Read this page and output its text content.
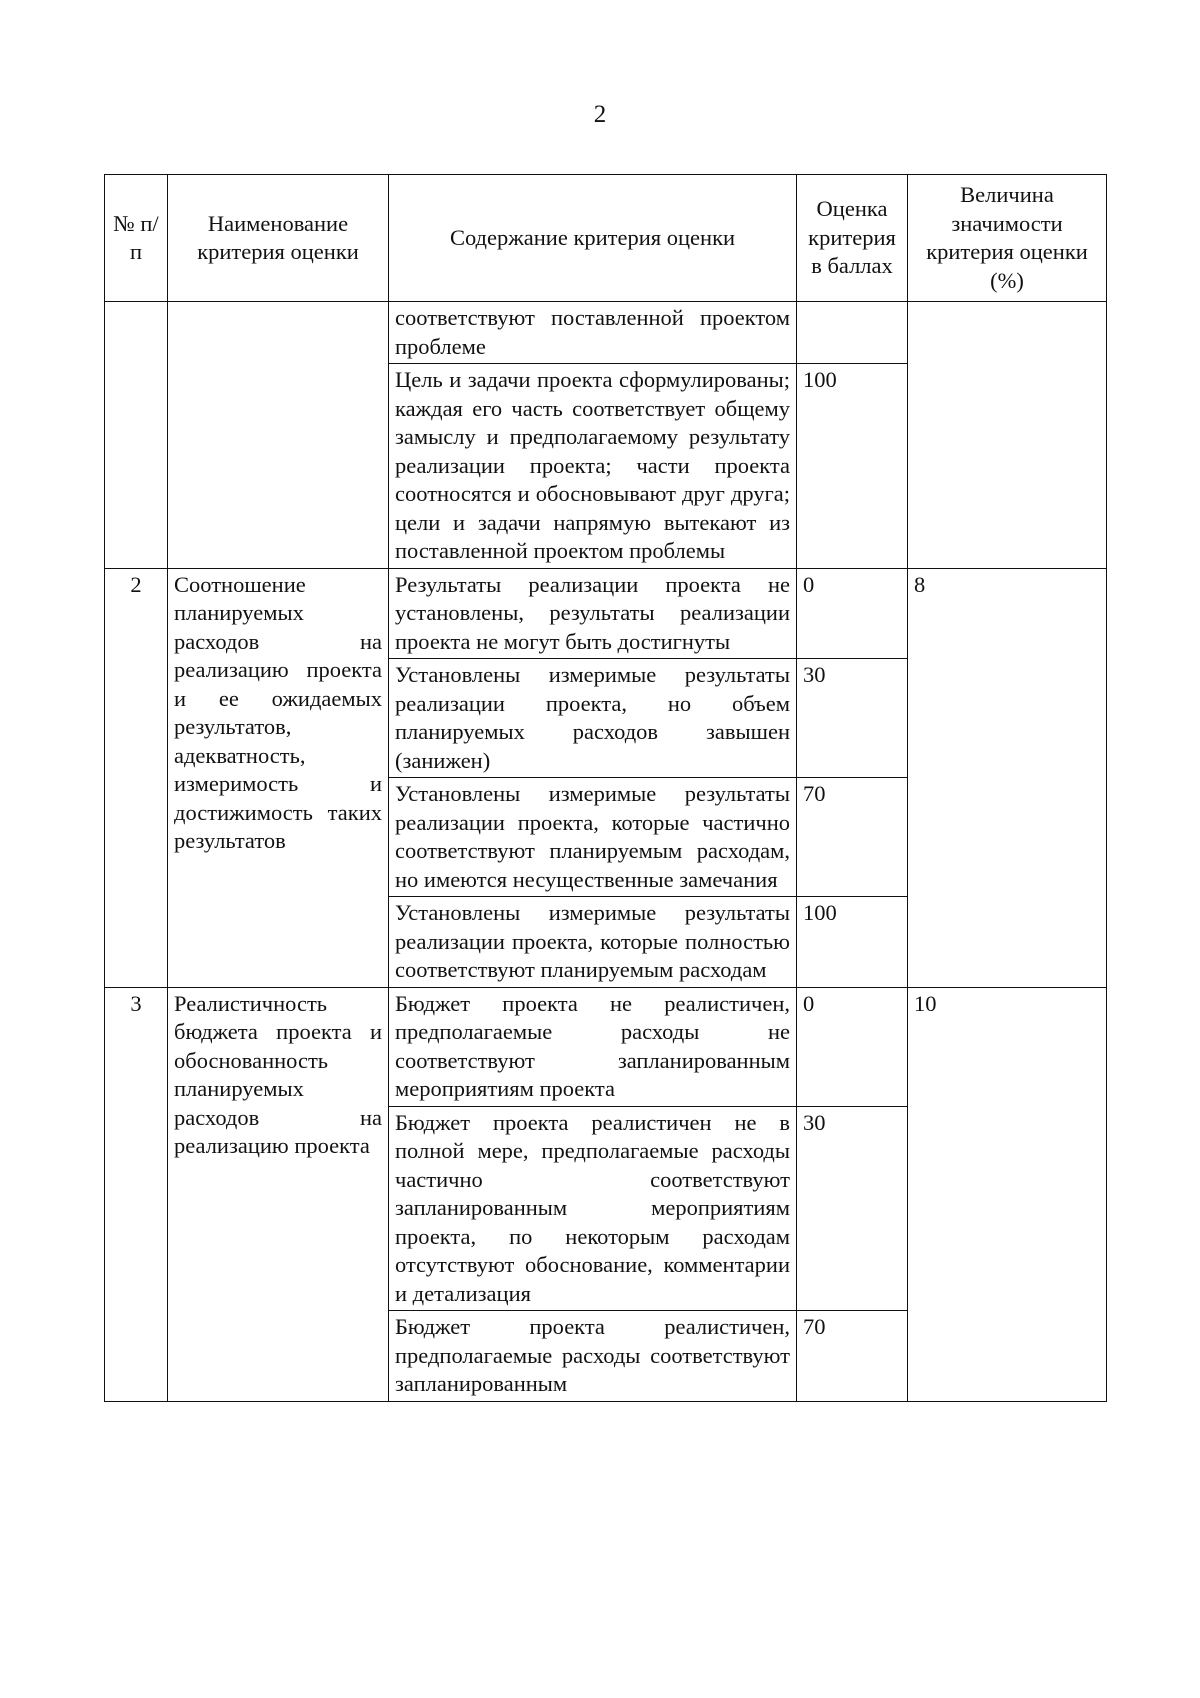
2
№ п/п	Наименование критерия оценки	Содержание критерия оценки	Оценка критерия в баллах	Величина значимости критерия оценки (%)
		соответствуют поставленной проектом проблеме		
		Цель и задачи проекта сформулированы; каждая его часть соответствует общему замыслу и предполагаемому результату реализации проекта; части проекта соотносятся и обосновывают друг друга; цели и задачи напрямую вытекают из поставленной проектом проблемы	100	
2	Соотношение планируемых расходов на реализацию проекта и ее ожидаемых результатов, адекватность, измеримость и достижимость таких результатов	Результаты реализации проекта не установлены, результаты реализации проекта не могут быть достигнуты	0	8
		Установлены измеримые результаты реализации проекта, но объем планируемых расходов завышен (занижен)	30	
		Установлены измеримые результаты реализации проекта, которые частично соответствуют планируемым расходам, но имеются несущественные замечания	70	
		Установлены измеримые результаты реализации проекта, которые полностью соответствуют планируемым расходам	100	
3	Реалистичность бюджета проекта и обоснованность планируемых расходов на реализацию проекта	Бюджет проекта не реалистичен, предполагаемые расходы не соответствуют запланированным мероприятиям проекта	0	10
		Бюджет проекта реалистичен не в полной мере, предполагаемые расходы частично соответствуют запланированным мероприятиям проекта, по некоторым расходам отсутствуют обоснование, комментарии и детализация	30	
		Бюджет проекта реалистичен, предполагаемые расходы соответствуют запланированным	70	
